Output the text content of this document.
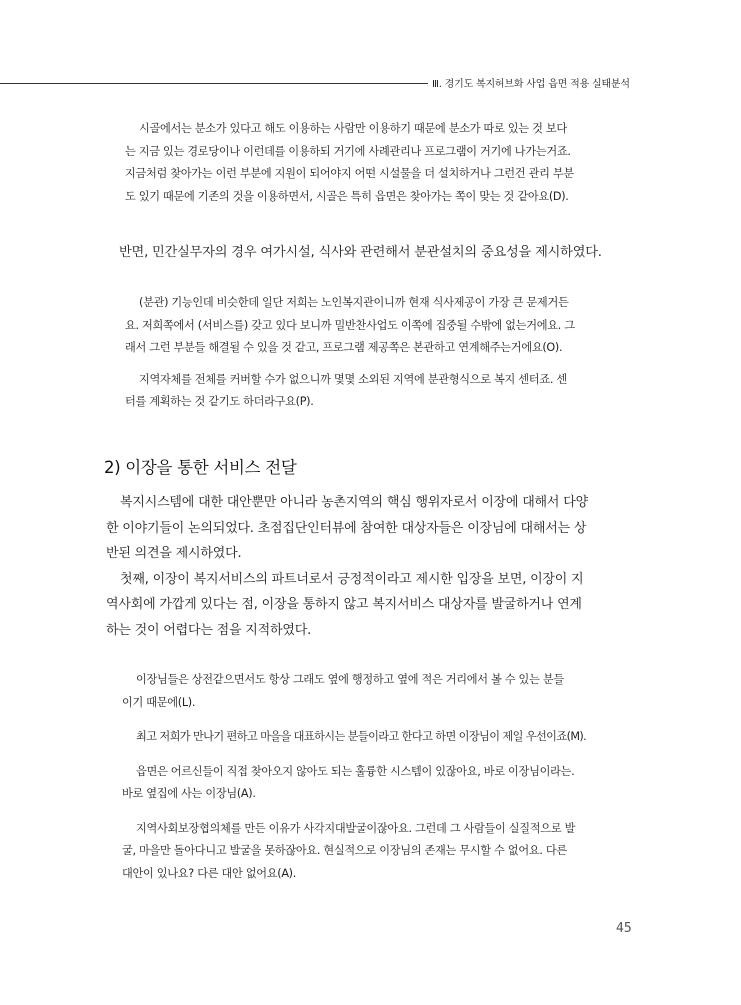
Ⅲ. 경기도 복지허브화 사업 읍면 적용 실태분석
시골에서는 분소가 있다고 해도 이용하는 사람만 이용하기 때문에 분소가 따로 있는 것 보다
는 지금 있는 경로당이나 이런데를 이용하되 거기에 사례관리나 프로그램이 거기에 나가는거죠.
지금처럼 찾아가는 이런 부분에 지원이 되어야지 어떤 시설물을 더 설치하거나 그런건 관리 부분
도 있기 때문에 기존의 것을 이용하면서, 시골은 특히 읍면은 찾아가는 쪽이 맞는 것 같아요(D).
반면, 민간실무자의 경우 여가시설, 식사와 관련해서 분관설치의 중요성을 제시하였다.
(분관) 기능인데 비슷한데 일단 저희는 노인복지관이니까 현재 식사제공이 가장 큰 문제거든
요. 저희쪽에서 (서비스를) 갖고 있다 보니까 밀반찬사업도 이쪽에 집중될 수밖에 없는거에요. 그
래서 그런 부분들 해결될 수 있을 것 같고, 프로그램 제공쪽은 본관하고 연계해주는거에요(O).
지역자체를 전체를 커버할 수가 없으니까 몇몇 소외된 지역에 분관형식으로 복지 센터죠. 센
터를 계획하는 것 같기도 하더라구요(P).
2) 이장을 통한 서비스 전달
복지시스템에 대한 대안뿐만 아니라 농촌지역의 핵심 행위자로서 이장에 대해서 다양
한 이야기들이 논의되었다. 초점집단인터뷰에 참여한 대상자들은 이장님에 대해서는 상
반된 의견을 제시하였다.
첫째, 이장이 복지서비스의 파트너로서 긍정적이라고 제시한 입장을 보면, 이장이 지
역사회에 가깝게 있다는 점, 이장을 통하지 않고 복지서비스 대상자를 발굴하거나 연계
하는 것이 어렵다는 점을 지적하였다.
이장님들은 상전같으면서도 항상 그래도 옆에 행정하고 옆에 적은 거리에서 볼 수 있는 분들
이기 때문에(L).
최고 저희가 만나기 편하고 마을을 대표하시는 분들이라고 한다고 하면 이장님이 제일 우선이죠(M).
읍면은 어르신들이 직접 찾아오지 않아도 되는 훌륭한 시스템이 있잖아요, 바로 이장님이라는.
바로 옆집에 사는 이장님(A).
지역사회보장협의체를 만든 이유가 사각지대발굴이잖아요. 그런데 그 사람들이 실질적으로 발
굴, 마을만 돌아다니고 발굴을 못하잖아요. 현실적으로 이장님의 존재는 무시할 수 없어요. 다른
대안이 있나요? 다른 대안 없어요(A).
45
